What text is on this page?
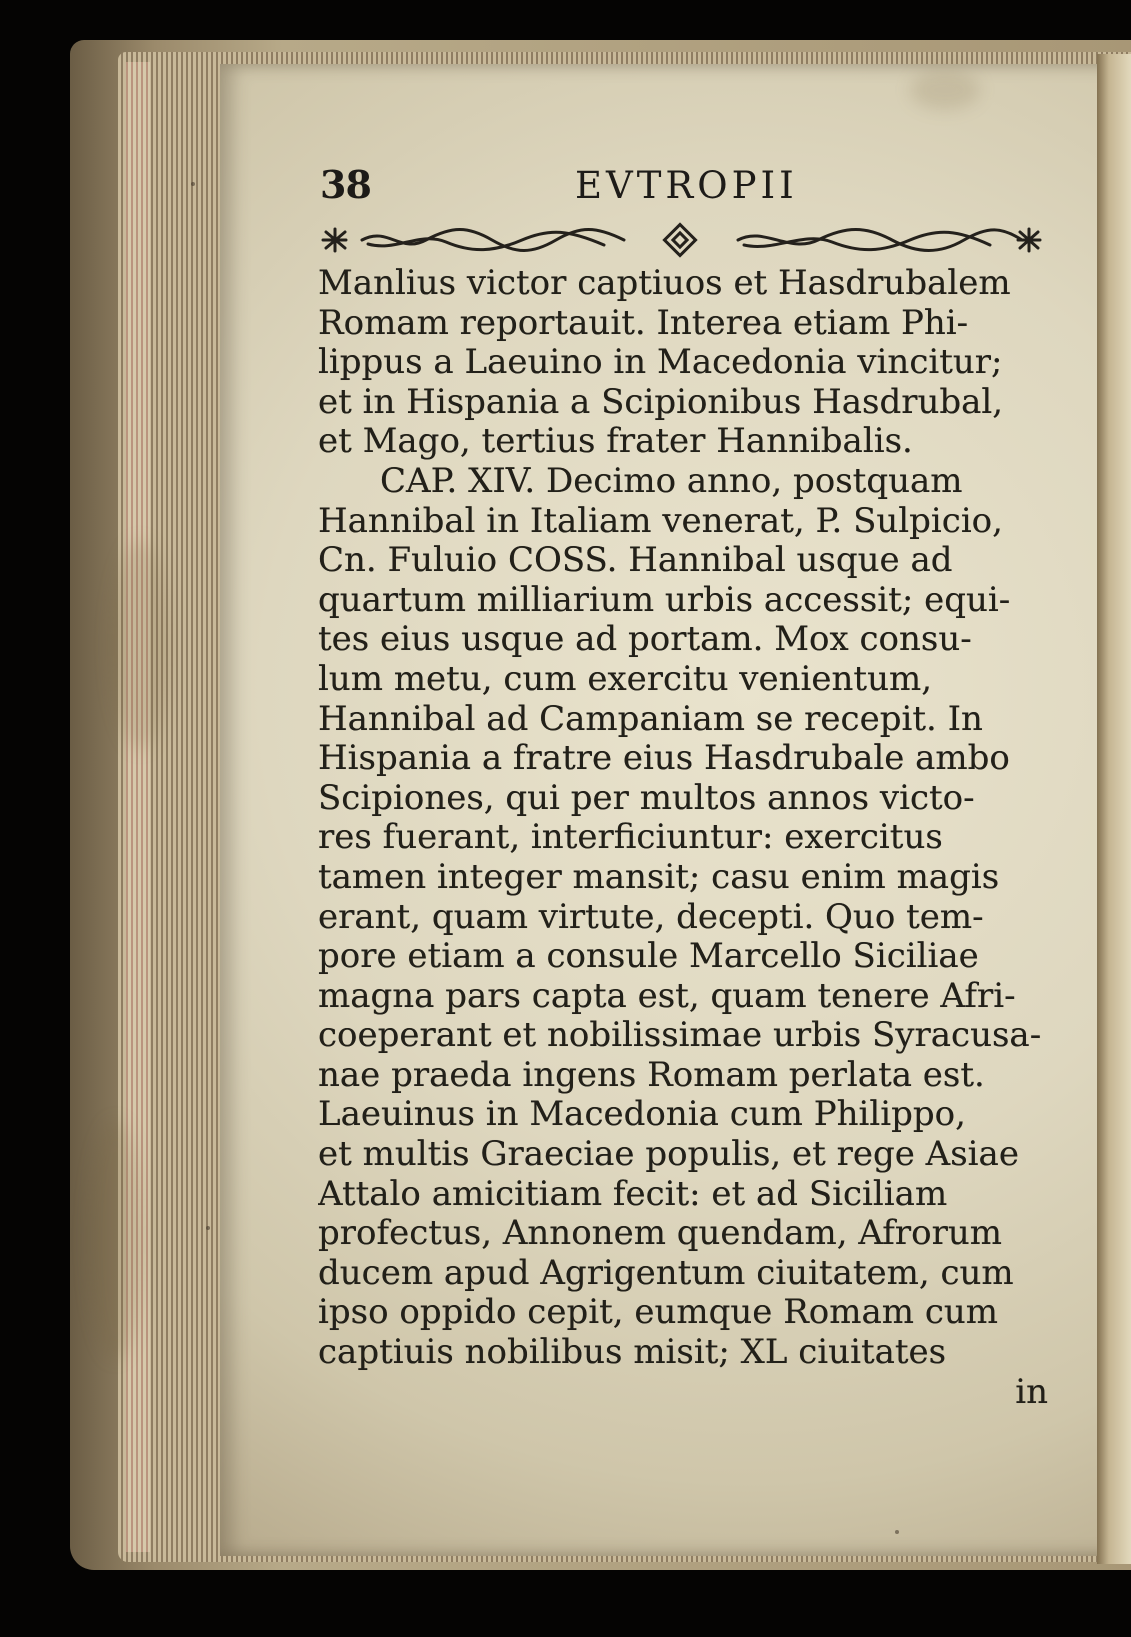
38	EVTROPII
Manlius victor captiuos et Hasdrubalem
Romam reportauit. Interea etiam Phi-
lippus a Laeuino in Macedonia vincitur;
et in Hispania a Scipionibus Hasdrubal,
et Mago, tertius frater Hannibalis.
CAP. XIV. Decimo anno, postquam
Hannibal in Italiam venerat, P. Sulpicio,
Cn. Fuluio COSS. Hannibal usque ad
quartum milliarium urbis accessit; equi-
tes eius usque ad portam. Mox consu-
lum metu, cum exercitu venientum,
Hannibal ad Campaniam se recepit. In
Hispania a fratre eius Hasdrubale ambo
Scipiones, qui per multos annos victo-
res fuerant, interficiuntur: exercitus
tamen integer mansit; casu enim magis
erant, quam virtute, decepti. Quo tem-
pore etiam a consule Marcello Siciliae
magna pars capta est, quam tenere Afri-
coeperant et nobilissimae urbis Syracusa-
nae praeda ingens Romam perlata est.
Laeuinus in Macedonia cum Philippo,
et multis Graeciae populis, et rege Asiae
Attalo amicitiam fecit: et ad Siciliam
profectus, Annonem quendam, Afrorum
ducem apud Agrigentum ciuitatem, cum
ipso oppido cepit, eumque Romam cum
captiuis nobilibus misit; XL ciuitates
in
